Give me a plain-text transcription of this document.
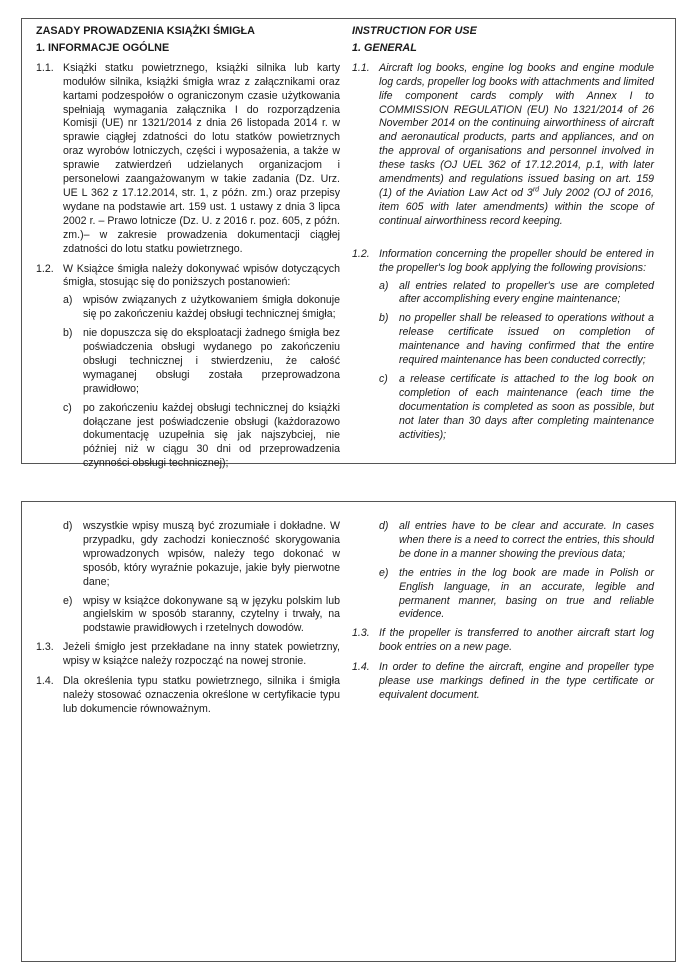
ZASADY PROWADZENIA KSIĄŻKI ŚMIGŁA
1. INFORMACJE OGÓLNE
1.1. Książki statku powietrznego, książki silnika lub karty modułów silnika, książki śmigła wraz z załącznikami oraz kartami podzespołów o ograniczonym czasie użytkowania spełniają wymagania załącznika I do rozporządzenia Komisji (UE) nr 1321/2014 z dnia 26 listopada 2014 r. w sprawie ciągłej zdatności do lotu statków powietrznych oraz wyrobów lotniczych, części i wyposażenia, a także w sprawie zatwierdzeń udzielanych organizacjom i personelowi zaangażowanym w takie zadania (Dz. Urz. UE L 362 z 17.12.2014, str. 1, z późn. zm.) oraz przepisy wydane na podstawie art. 159 ust. 1 ustawy z dnia 3 lipca 2002 r. – Prawo lotnicze (Dz. U. z 2016 r. poz. 605, z późn. zm.)– w zakresie prowadzenia dokumentacji ciągłej zdatności do lotu statku powietrznego.
1.2. W Książce śmigła należy dokonywać wpisów dotyczących śmigła, stosując się do poniższych postanowień:
a) wpisów związanych z użytkowaniem śmigła dokonuje się po zakończeniu każdej obsługi technicznej śmigła;
b) nie dopuszcza się do eksploatacji żadnego śmigła bez poświadczenia obsługi wydanego po zakończeniu obsługi technicznej i stwierdzeniu, że całość wymaganej obsługi została przeprowadzona prawidłowo;
c)	po zakończeniu każdej obsługi technicznej do książki dołączane jest poświadczenie obsługi (każdorazowo dokumentację uzupełnia się jak najszybciej, nie później niż w ciągu 30 dni od przeprowadzenia czynności obsługi technicznej);
INSTRUCTION FOR USE
1. GENERAL
1.1. Aircraft log books, engine log books and engine module log cards, propeller log books with attachments and limited life component cards comply with Annex I to COMMISSION REGULATION (EU) No 1321/2014 of 26 November 2014 on the continuing airworthiness of aircraft and aeronautical products, parts and appliances, and on the approval of organisations and personnel involved in these tasks (OJ UEL 362 of 17.12.2014, p.1, with later amendments) and regulations issued basing on art. 159 (1) of the Aviation Law Act od 3rd July 2002 (OJ of 2016, item 605 with later amendments) within the scope of continual airworthiness record keeping.
1.2. Information concerning the propeller should be entered in the propeller's log book applying the following provisions:
a) all entries related to propeller's use are completed after accomplishing every engine maintenance;
b) no propeller shall be released to operations without a release certificate issued on completion of maintenance and having confirmed that the entire required maintenance has been conducted correctly;
c)	a release certificate is attached to the log book on completion of each maintenance (each time the documentation is completed as soon as possible, but not later than 30 days after completing maintenance activities);
d) wszystkie wpisy muszą być zrozumiałe i dokładne. W przypadku, gdy zachodzi konieczność skorygowania wprowadzonych wpisów, należy tego dokonać w sposób, który wyraźnie pokazuje, jakie były pierwotne dane;
e) wpisy w książce dokonywane są w języku polskim lub angielskim w sposób staranny, czytelny i trwały, na podstawie prawidłowych i rzetelnych dowodów.
1.3. Jeżeli śmigło jest przekładane na inny statek powietrzny, wpisy w książce należy rozpocząć na nowej stronie.
1.4. Dla określenia typu statku powietrznego, silnika i śmigła należy stosować oznaczenia określone w certyfikacie typu lub dokumencie równoważnym.
d) all entries have to be clear and accurate. In cases when there is a need to correct the entries, this should be done in a manner showing the previous data;
e) the entries in the log book are made in Polish or English language, in an accurate, legible and permanent manner, basing on true and reliable evidence.
1.3. If the propeller is transferred to another aircraft start log book entries on a new page.
1.4. In order to define the aircraft, engine and propeller type please use markings defined in the type certificate or equivalent document.
